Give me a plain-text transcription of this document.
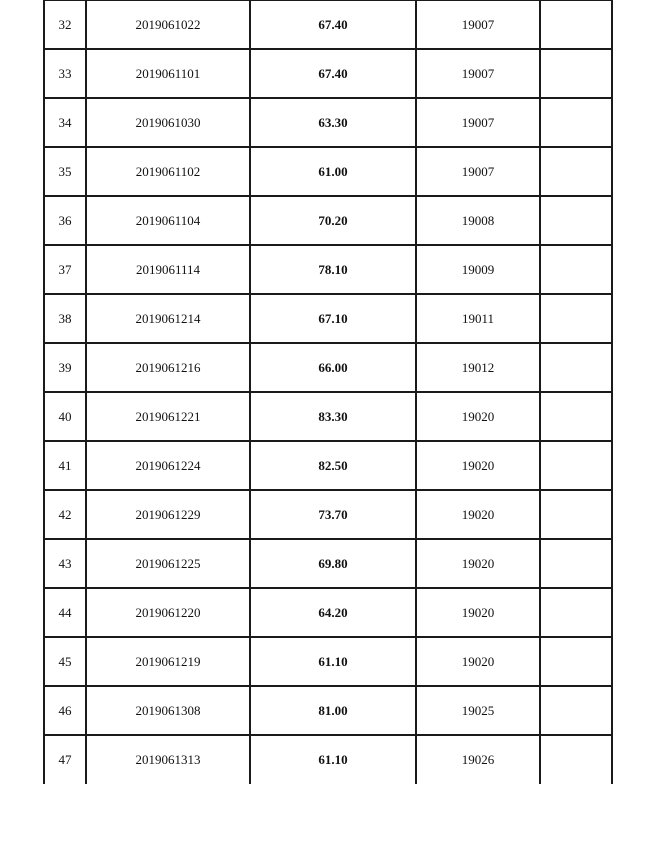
32	2019061022	67.40	19007	
33	2019061101	67.40	19007	
34	2019061030	63.30	19007	
35	2019061102	61.00	19007	
36	2019061104	70.20	19008	
37	2019061114	78.10	19009	
38	2019061214	67.10	19011	
39	2019061216	66.00	19012	
40	2019061221	83.30	19020	
41	2019061224	82.50	19020	
42	2019061229	73.70	19020	
43	2019061225	69.80	19020	
44	2019061220	64.20	19020	
45	2019061219	61.10	19020	
46	2019061308	81.00	19025	
47	2019061313	61.10	19026	
